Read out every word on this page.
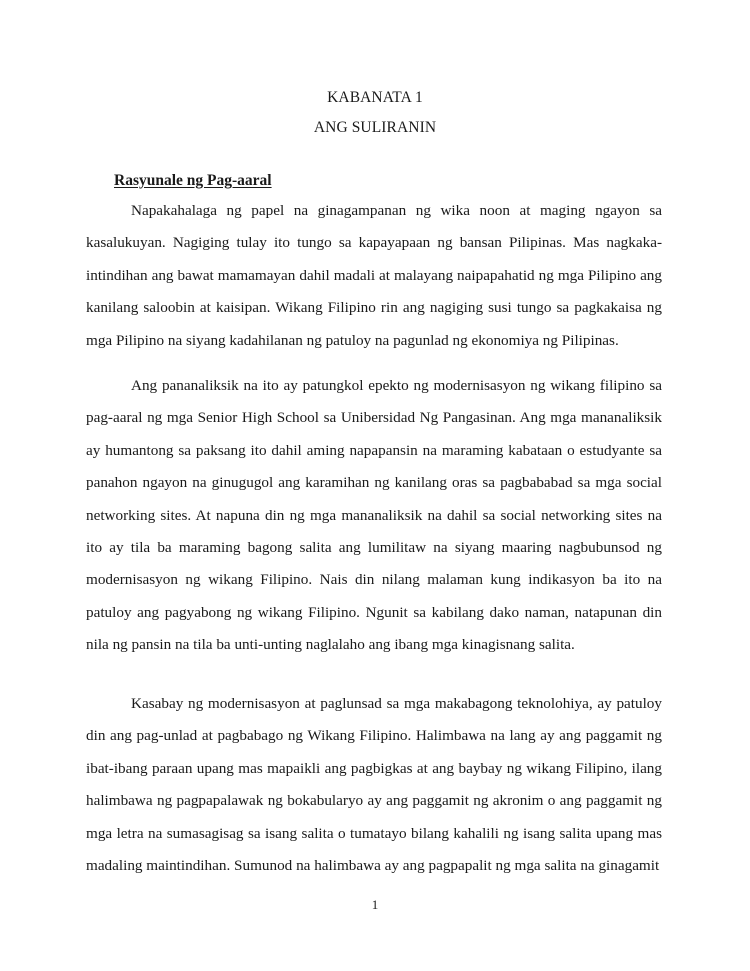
KABANATA 1
ANG SULIRANIN
Rasyunale ng Pag-aaral

Napakahalaga ng papel na ginagampanan ng wika noon at maging ngayon sa kasalukuyan. Nagiging tulay ito tungo sa kapayapaan ng bansan Pilipinas. Mas nagkaka-intindihan ang bawat mamamayan dahil madali at malayang naipapahatid ng mga Pilipino ang kanilang saloobin at kaisipan. Wikang Filipino rin ang nagiging susi tungo sa pagkakaisa ng mga Pilipino na siyang kadahilanan ng patuloy na pagunlad ng ekonomiya ng Pilipinas.

Ang pananaliksik na ito ay patungkol epekto ng modernisasyon ng wikang filipino sa pag-aaral ng mga Senior High School sa Unibersidad Ng Pangasinan. Ang mga mananaliksik ay humantong sa paksang ito dahil aming napapansin na maraming kabataan o estudyante sa panahon ngayon na ginugugol ang karamihan ng kanilang oras sa pagbababad sa mga social networking sites. At napuna din ng mga mananaliksik na dahil sa social networking sites na ito ay tila ba maraming bagong salita ang lumilitaw na siyang maaring nagbubunsod ng modernisasyon ng wikang Filipino. Nais din nilang malaman kung indikasyon ba ito na patuloy ang pagyabong ng wikang Filipino. Ngunit sa kabilang dako naman, natapunan din nila ng pansin na tila ba unti-unting naglalaho ang ibang mga kinagisnang salita.

Kasabay ng modernisasyon at paglunsad sa mga makabagong teknolohiya, ay patuloy din ang pag-unlad at pagbabago ng Wikang Filipino. Halimbawa na lang ay ang paggamit ng ibat-ibang paraan upang mas mapaikli ang pagbigkas at ang baybay ng wikang Filipino, ilang halimbawa ng pagpapalawak ng bokabularyo ay ang paggamit ng akronim o ang paggamit ng mga letra na sumasagisag sa isang salita o tumatayo bilang kahalili ng isang salita upang mas madaling maintindihan. Sumunod na halimbawa ay ang pagpapalit ng mga salita na ginagamit

1
